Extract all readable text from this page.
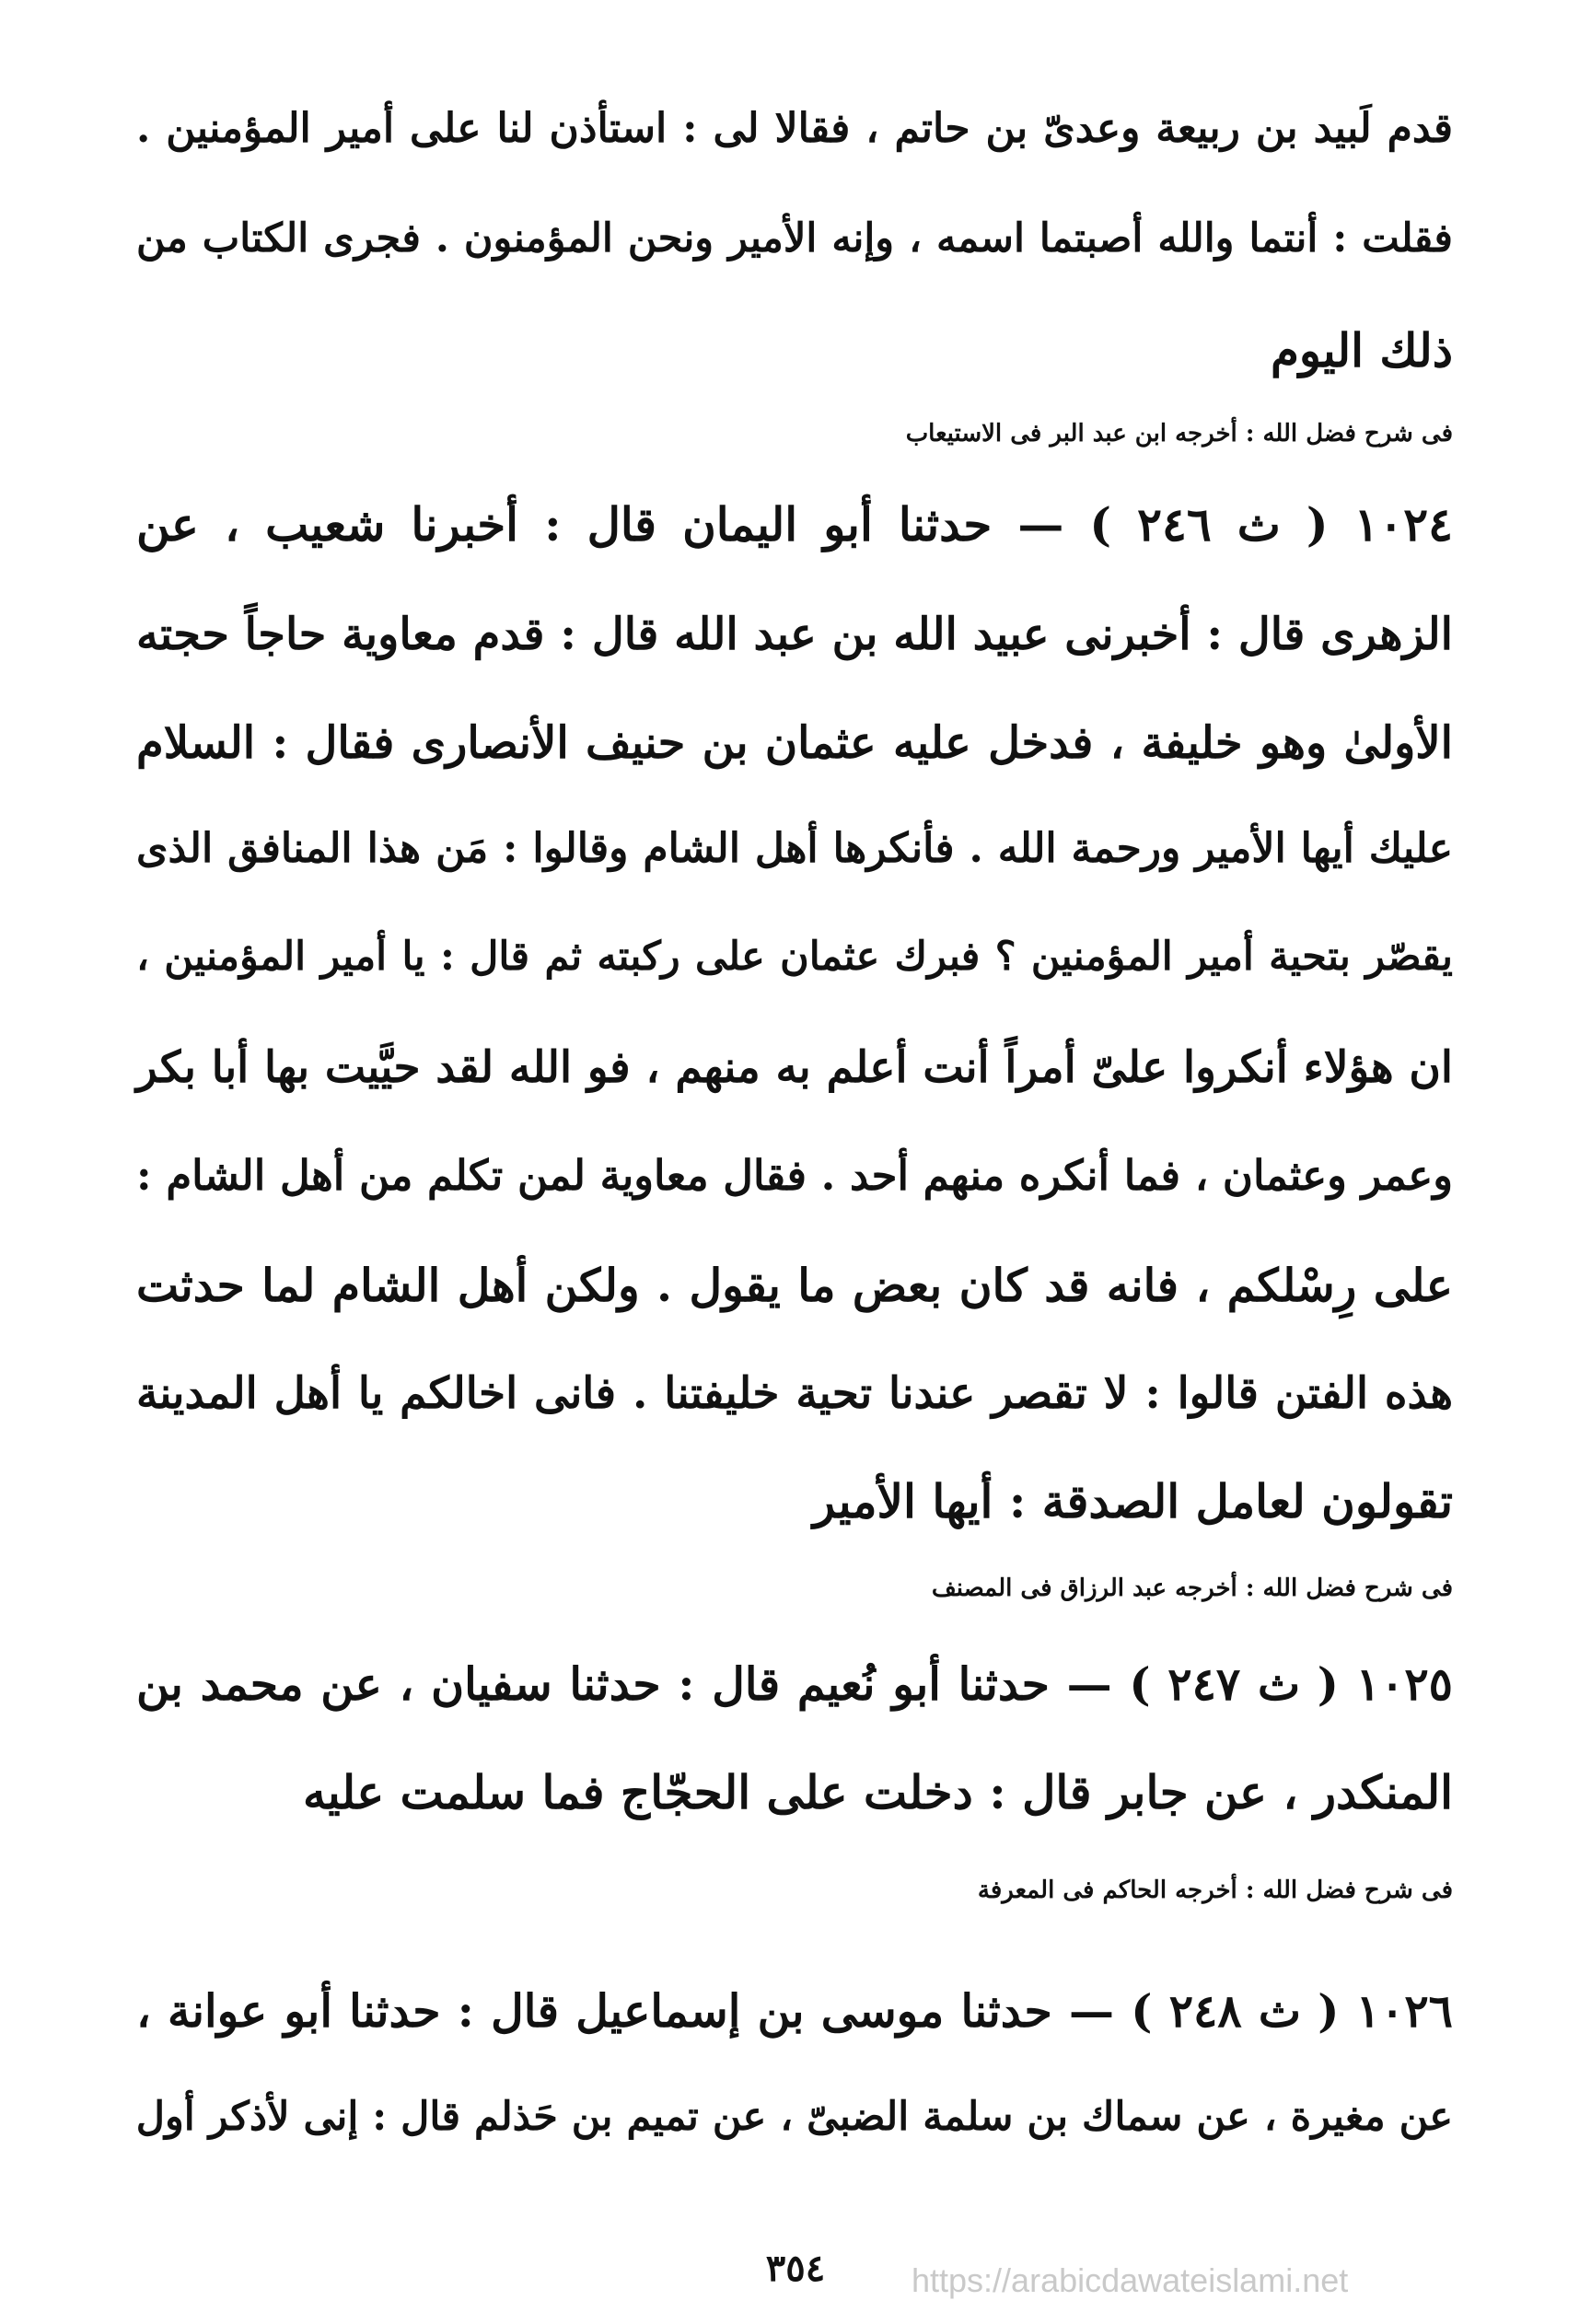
قدم لَبيد بن ربيعة وعدىّ بن حاتم ، فقالا لى : استأذن لنا على أمير المؤمنين .
فقلت : أنتما والله أصبتما اسمه ، وإنه الأمير ونحن المؤمنون . فجرى الكتاب من
ذلك اليوم
فى شرح فضل الله : أخرجه ابن عبد البر فى الاستيعاب
١٠٢٤ ( ث ٢٤٦ ) — حدثنا أبو اليمان قال : أخبرنا شعيب ، عن
الزهرى قال : أخبرنى عبيد الله بن عبد الله قال : قدم معاوية حاجاً حجته
الأولىٰ وهو خليفة ، فدخل عليه عثمان بن حنيف الأنصارى فقال : السلام
عليك أيها الأمير ورحمة الله . فأنكرها أهل الشام وقالوا : مَن هذا المنافق الذى
يقصّر بتحية أمير المؤمنين ؟ فبرك عثمان على ركبته ثم قال : يا أمير المؤمنين ،
ان هؤلاء أنكروا علىّ أمراً أنت أعلم به منهم ، فو الله لقد حيَّيت بها أبا بكر
وعمر وعثمان ، فما أنكره منهم أحد . فقال معاوية لمن تكلم من أهل الشام :
على رِسْلكم ، فانه قد كان بعض ما يقول . ولكن أهل الشام لما حدثت
هذه الفتن قالوا : لا تقصر عندنا تحية خليفتنا . فانى اخالكم يا أهل المدينة
تقولون لعامل الصدقة : أيها الأمير
فى شرح فضل الله : أخرجه عبد الرزاق فى المصنف
١٠٢٥ ( ث ٢٤٧ ) — حدثنا أبو نُعيم قال : حدثنا سفيان ، عن محمد بن
المنكدر ، عن جابر قال : دخلت على الحجّاج فما سلمت عليه
فى شرح فضل الله : أخرجه الحاكم فى المعرفة
١٠٢٦ ( ث ٢٤٨ ) — حدثنا موسى بن إسماعيل قال : حدثنا أبو عوانة ،
عن مغيرة ، عن سماك بن سلمة الضبىّ ، عن تميم بن حَذلم قال : إنى لأذكر أول
٣٥٤	https://arabicdawateislami.net
